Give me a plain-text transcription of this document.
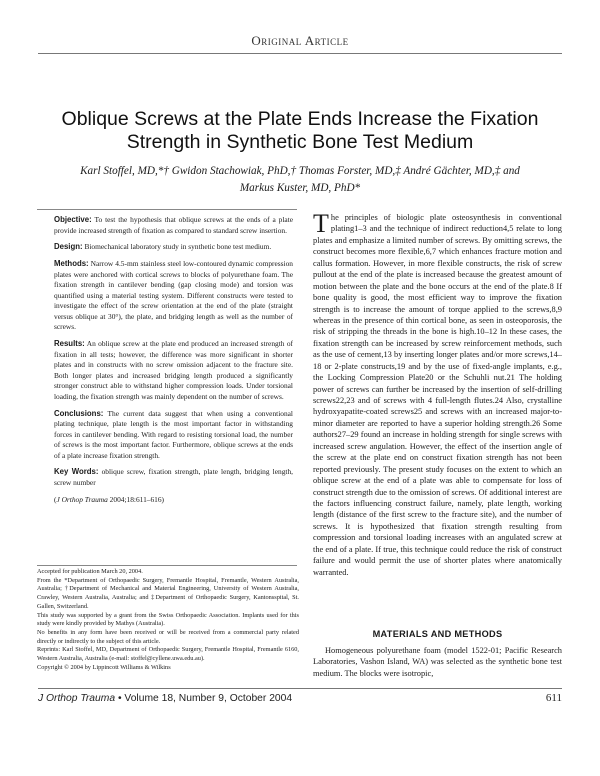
Original Article
Oblique Screws at the Plate Ends Increase the Fixation Strength in Synthetic Bone Test Medium
Karl Stoffel, MD,*† Gwidon Stachowiak, PhD,† Thomas Forster, MD,‡ André Gächter, MD,‡ and
Markus Kuster, MD, PhD*

Objective: To test the hypothesis that oblique screws at the ends of a plate provide increased strength of fixation as compared to standard screw insertion.

Design: Biomechanical laboratory study in synthetic bone test medium.

Methods: Narrow 4.5-mm stainless steel low-contoured dynamic compression plates were anchored with cortical screws to blocks of polyurethane foam. The fixation strength in cantilever bending (gap closing mode) and torsion was quantified using a material testing system. Different constructs were tested to investigate the effect of the screw orientation at the end of the plate (straight versus oblique at 30°), the plate, and bridging length as well as the number of screws.

Results: An oblique screw at the plate end produced an increased strength of fixation in all tests; however, the difference was more significant in shorter plates and in constructs with no screw omission adjacent to the fracture site. Both longer plates and increased bridging length produced a significantly stronger construct able to withstand higher compression loads. Under torsional loading, the fixation strength was mainly dependent on the number of screws.

Conclusions: The current data suggest that when using a conventional plating technique, plate length is the most important factor in withstanding forces in cantilever bending. With regard to resisting torsional load, the number of screws is the most important factor. Furthermore, oblique screws at the ends of a plate increase fixation strength.

Key Words: oblique screw, fixation strength, plate length, bridging length, screw number

(J Orthop Trauma 2004;18:611–616)

Accepted for publication March 20, 2004.

From the *Department of Orthopaedic Surgery, Fremantle Hospital, Fremantle, Western Australia, Australia; †Department of Mechanical and Material Engineering, University of Western Australia, Crawley, Western Australia, Australia; and ‡Department of Orthopaedic Surgery, Kantonsspital, St. Gallen, Switzerland.

This study was supported by a grant from the Swiss Orthopaedic Association. Implants used for this study were kindly provided by Mathys (Australia).

No benefits in any form have been received or will be received from a commercial party related directly or indirectly to the subject of this article.

Reprints: Karl Stoffel, MD, Department of Orthopaedic Surgery, Fremantle Hospital, Fremantle 6160, Western Australia, Australia (e-mail: stoffel@cyllene.uwa.edu.au).

Copyright © 2004 by Lippincott Williams & Wilkins

T he principles of biologic plate osteosynthesis in conventional plating1–3 and the technique of indirect reduction4,5 relate to long plates and emphasize a limited number of screws. By omitting screws, the construct becomes more flexible,6,7 which enhances fracture motion and callus formation. However, in more flexible constructs, the risk of screw pullout at the end of the plate is increased because the greatest amount of motion between the plate and the bone occurs at the end of the plate.8 If bone quality is good, the most efficient way to improve the fixation strength is to increase the amount of torque applied to the screws,8,9 whereas in the presence of thin cortical bone, as seen in osteoporosis, the risk of stripping the threads in the bone is high.10–12 In these cases, the fixation strength can be increased by screw reinforcement methods, such as the use of cement,13 by inserting longer plates and/or more screws,14–18 or 2-plate constructs,19 and by the use of fixed-angle implants, e.g., the Locking Compression Plate20 or the Schuhli nut.21 The holding power of screws can further be increased by the insertion of self-drilling screws22,23 and of screws with 4 full-length flutes.24 Also, crystalline hydroxyapatite-coated screws25 and screws with an increased major-to-minor diameter are reported to have a superior holding strength.26 Some authors27–29 found an increase in holding strength for single screws with increased screw angulation. However, the effect of the insertion angle of the screw at the plate end on construct fixation strength has not been reported previously. The present study focuses on the extent to which an oblique screw at the end of a plate was able to compensate for loss of construct strength due to the omission of screws. Of additional interest are the factors influencing construct failure, namely, plate length, working length (distance of the first screw to the fracture site), and the number of screws. It is hypothesized that fixation strength resulting from compression and torsional loading increases with an angulated screw at the end of a plate. If true, this technique could reduce the risk of construct failure and would permit the use of shorter plates where anatomically warranted.

MATERIALS AND METHODS

Homogeneous polyurethane foam (model 1522-01; Pacific Research Laboratories, Vashon Island, WA) was selected as the synthetic bone test medium. The blocks were isotropic,

J Orthop Trauma • Volume 18, Number 9, October 2004	611
